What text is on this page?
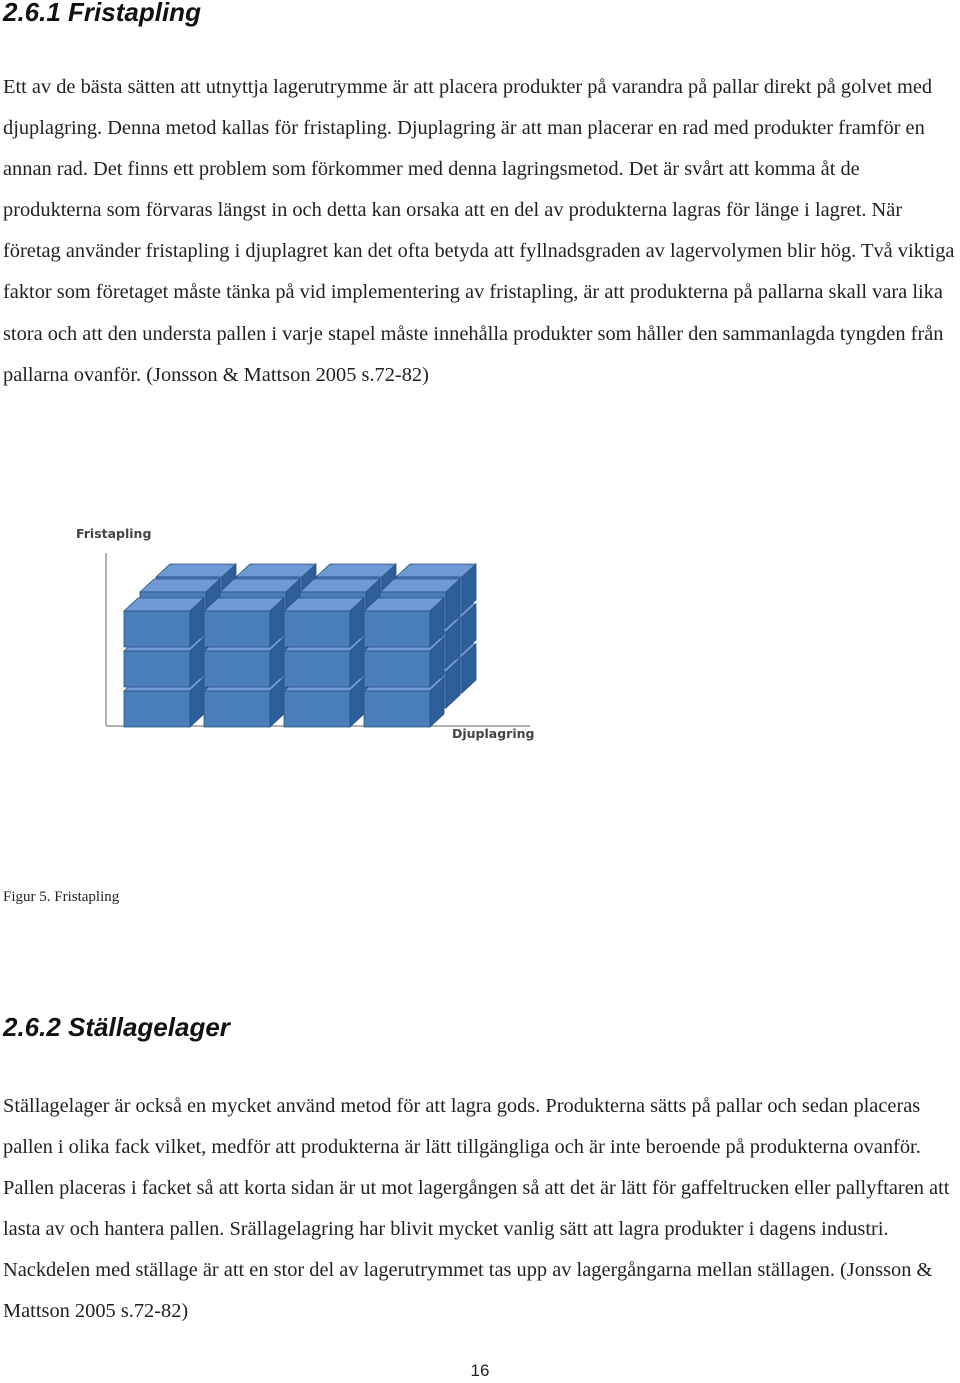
2.6.1 Fristapling

Ett av de bästa sätten att utnyttja lagerutrymme är att placera produkter på varandra på pallar direkt på golvet med djuplagring. Denna metod kallas för fristapling. Djuplagring är att man placerar en rad med produkter framför en annan rad. Det finns ett problem som förkommer med denna lagringsmetod. Det är svårt att komma åt de produkterna som förvaras längst in och detta kan orsaka att en del av produkterna lagras för länge i lagret. När företag använder fristapling i djuplagret kan det ofta betyda att fyllnadsgraden av lagervolymen blir hög. Två viktiga faktor som företaget måste tänka på vid implementering av fristapling, är att produkterna på pallarna skall vara lika stora och att den understa pallen i varje stapel måste innehålla produkter som håller den sammanlagda tyngden från pallarna ovanför. (Jonsson & Mattson 2005 s.72-82)

Fristapling
Djuplagring

Figur 5. Fristapling

2.6.2 Ställagelager

Ställagelager är också en mycket använd metod för att lagra gods. Produkterna sätts på pallar och sedan placeras pallen i olika fack vilket, medför att produkterna är lätt tillgängliga och är inte beroende på produkterna ovanför. Pallen placeras i facket så att korta sidan är ut mot lagergången så att det är lätt för gaffeltrucken eller pallyftaren att lasta av och hantera pallen. Srällagelagring har blivit mycket vanlig sätt att lagra produkter i dagens industri. Nackdelen med ställage är att en stor del av lagerutrymmet tas upp av lagergångarna mellan ställagen. (Jonsson & Mattson 2005 s.72-82)

16
